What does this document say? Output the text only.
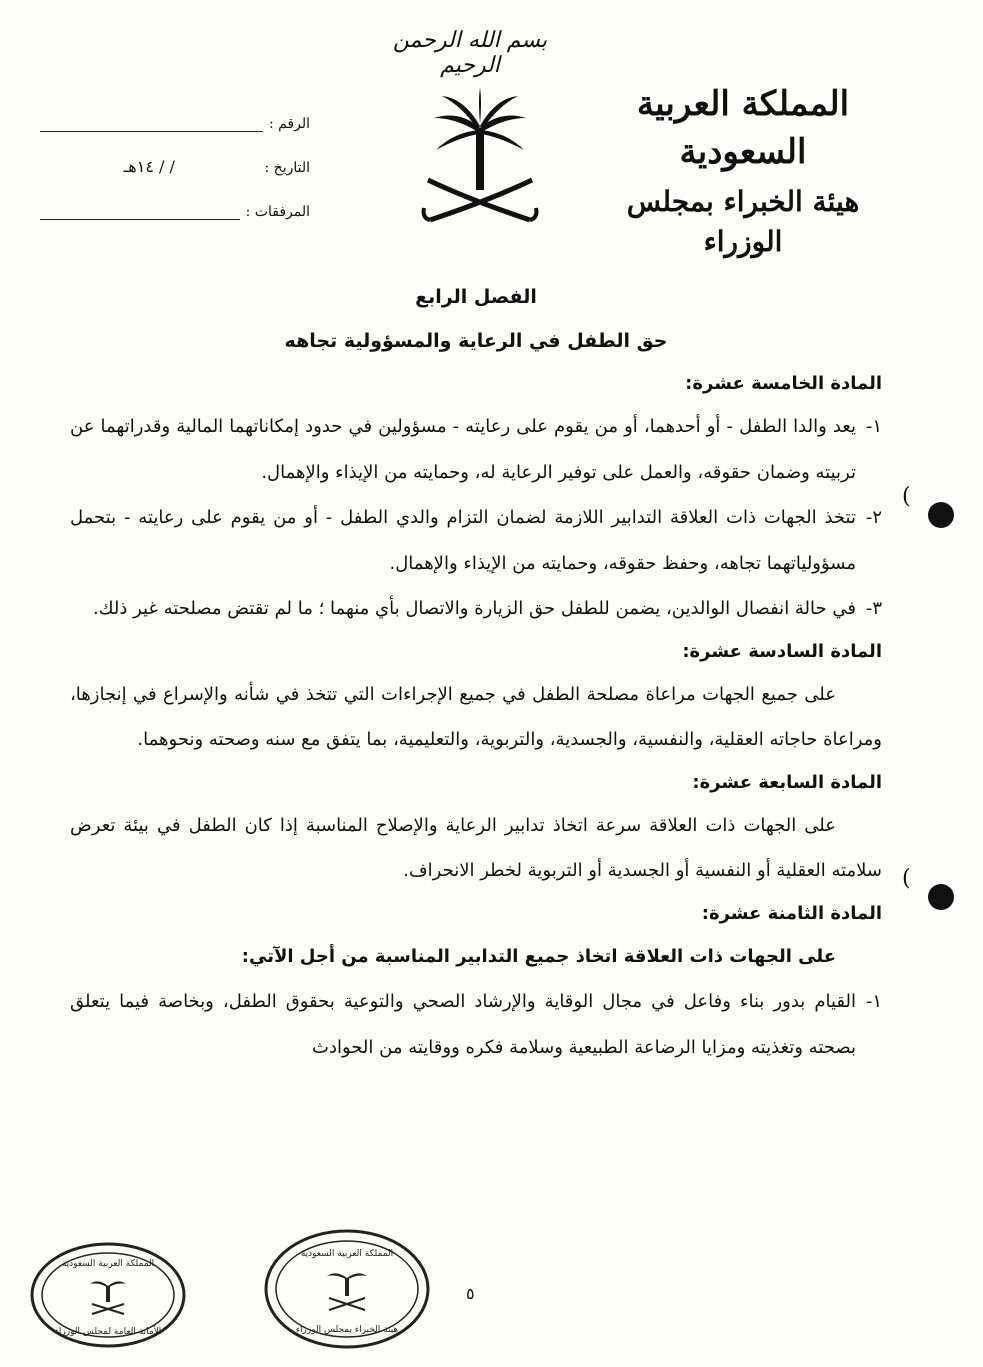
بسم الله الرحمن الرحيم
المملكة العربية السعودية
هيئة الخبراء بمجلس الوزراء
الرقم :
التاريخ :
/ / ١٤هـ
المرفقات :
الفصل الرابع
حق الطفل في الرعاية والمسؤولية تجاهه
المادة الخامسة عشرة:
١-
يعد والدا الطفل - أو أحدهما، أو من يقوم على رعايته - مسؤولين في حدود إمكاناتهما المالية وقدراتهما عن تربيته وضمان حقوقه، والعمل على توفير الرعاية له، وحمايته من الإيذاء والإهمال.
٢-
تتخذ الجهات ذات العلاقة التدابير اللازمة لضمان التزام والدي الطفل - أو من يقوم على رعايته - بتحمل مسؤولياتهما تجاهه، وحفظ حقوقه، وحمايته من الإيذاء والإهمال.
٣-
في حالة انفصال الوالدين، يضمن للطفل حق الزيارة والاتصال بأي منهما ؛ ما لم تقتض مصلحته غير ذلك.
المادة السادسة عشرة:
على جميع الجهات مراعاة مصلحة الطفل في جميع الإجراءات التي تتخذ في شأنه والإسراع في إنجازها، ومراعاة حاجاته العقلية، والنفسية، والجسدية، والتربوية، والتعليمية، بما يتفق مع سنه وصحته ونحوهما.
المادة السابعة عشرة:
على الجهات ذات العلاقة سرعة اتخاذ تدابير الرعاية والإصلاح المناسبة إذا كان الطفل في بيئة تعرض سلامته العقلية أو النفسية أو الجسدية أو التربوية لخطر الانحراف.
المادة الثامنة عشرة:
على الجهات ذات العلاقة اتخاذ جميع التدابير المناسبة من أجل الآتي:
١-
القيام بدور بناء وفاعل في مجال الوقاية والإرشاد الصحي والتوعية بحقوق الطفل، وبخاصة فيما يتعلق بصحته وتغذيته ومزايا الرضاعة الطبيعية وسلامة فكره ووقايته من الحوادث
(
(
المملكة العربية السعودية
الأمانة العامة لمجلس الوزراء
المملكة العربية السعودية
هيئة الخبراء بمجلس الوزراء
٥
